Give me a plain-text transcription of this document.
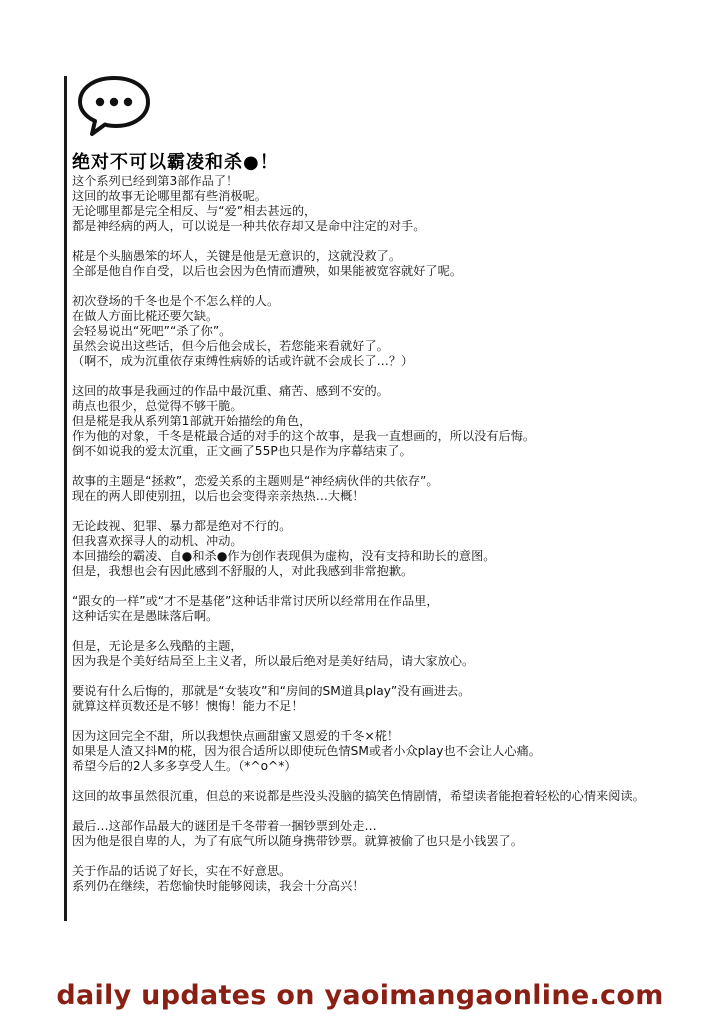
绝对不可以霸凌和杀●！
这个系列已经到第3部作品了！
这回的故事无论哪里都有些消极呢。
无论哪里都是完全相反、与“爱”相去甚远的，
都是神经病的两人，可以说是一种共依存却又是命中注定的对手。
椛是个头脑愚笨的坏人，关键是他是无意识的，这就没救了。
全部是他自作自受，以后也会因为色情而遭殃，如果能被宽容就好了呢。
初次登场的千冬也是个不怎么样的人。
在做人方面比椛还要欠缺。
会轻易说出“死吧”“杀了你”。
虽然会说出这些话，但今后他会成长，若您能来看就好了。
（啊不，成为沉重依存束缚性病娇的话或许就不会成长了…？）
这回的故事是我画过的作品中最沉重、痛苦、感到不安的。
萌点也很少，总觉得不够干脆。
但是椛是我从系列第1部就开始描绘的角色，
作为他的对象，千冬是椛最合适的对手的这个故事，是我一直想画的，所以没有后悔。
倒不如说我的爱太沉重，正文画了55P也只是作为序幕结束了。
故事的主题是“拯救”，恋爱关系的主题则是“神经病伙伴的共依存”。
现在的两人即使别扭，以后也会变得亲亲热热…大概！
无论歧视、犯罪、暴力都是绝对不行的。
但我喜欢探寻人的动机、冲动。
本回描绘的霸凌、自●和杀●作为创作表现俱为虚构，没有支持和助长的意图。
但是，我想也会有因此感到不舒服的人，对此我感到非常抱歉。
“跟女的一样”或“才不是基佬”这种话非常讨厌所以经常用在作品里，
这种话实在是愚昧落后啊。
但是，无论是多么残酷的主题，
因为我是个美好结局至上主义者，所以最后绝对是美好结局，请大家放心。
要说有什么后悔的，那就是“女装攻”和“房间的SM道具play”没有画进去。
就算这样页数还是不够！懊悔！能力不足！
因为这回完全不甜，所以我想快点画甜蜜又恩爱的千冬×椛！
如果是人渣又抖M的椛，因为很合适所以即使玩色情SM或者小众play也不会让人心痛。
希望今后的2人多多享受人生。（*^o^*）
这回的故事虽然很沉重，但总的来说都是些没头没脑的搞笑色情剧情，希望读者能抱着轻松的心情来阅读。
最后…这部作品最大的谜团是千冬带着一捆钞票到处走…
因为他是很自卑的人，为了有底气所以随身携带钞票。就算被偷了也只是小钱罢了。
关于作品的话说了好长，实在不好意思。
系列仍在继续，若您愉快时能够阅读，我会十分高兴！
daily updates on yaoimangaonline.com
